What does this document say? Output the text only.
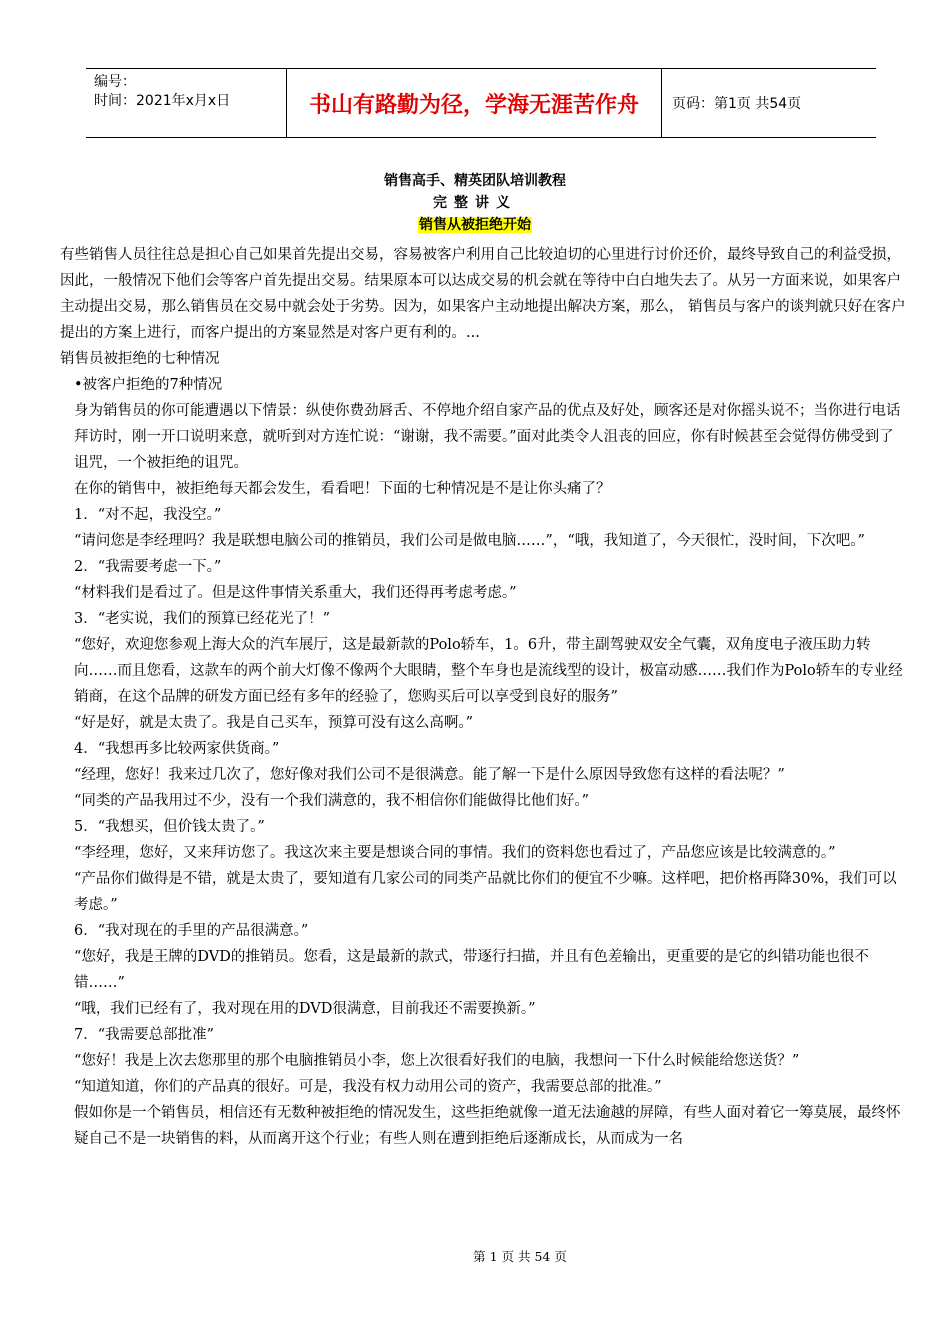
编号：
时间：2021年x月x日	书山有路勤为径，学海无涯苦作舟	页码：第1页 共54页
销售高手、精英团队培训教程
完整讲义
销售从被拒绝开始

有些销售人员往往总是担心自己如果首先提出交易，容易被客户利用自己比较迫切的心里进行讨价还价，最终导致自己的利益受损，因此，一般情况下他们会等客户首先提出交易。结果原本可以达成交易的机会就在等待中白白地失去了。从另一方面来说，如果客户主动提出交易，那么销售员在交易中就会处于劣势。因为，如果客户主动地提出解决方案，那么， 销售员与客户的谈判就只好在客户提出的方案上进行，而客户提出的方案显然是对客户更有利的。...

销售员被拒绝的七种情况

•被客户拒绝的7种情况

身为销售员的你可能遭遇以下情景：纵使你费劲唇舌、不停地介绍自家产品的优点及好处，顾客还是对你摇头说不；当你进行电话拜访时，刚一开口说明来意，就听到对方连忙说：“谢谢，我不需要。”面对此类令人沮丧的回应，你有时候甚至会觉得仿佛受到了诅咒，一个被拒绝的诅咒。

在你的销售中，被拒绝每天都会发生，看看吧！下面的七种情况是不是让你头痛了？

1．“对不起，我没空。”

“请问您是李经理吗？我是联想电脑公司的推销员，我们公司是做电脑……”，“哦，我知道了，今天很忙，没时间，下次吧。”

2．“我需要考虑一下。”

“材料我们是看过了。但是这件事情关系重大，我们还得再考虑考虑。”

3．“老实说，我们的预算已经花光了！”

“您好，欢迎您参观上海大众的汽车展厅，这是最新款的Polo轿车，1。6升，带主副驾驶双安全气囊，双角度电子液压助力转向……而且您看，这款车的两个前大灯像不像两个大眼睛，整个车身也是流线型的设计，极富动感……我们作为Polo轿车的专业经销商，在这个品牌的研发方面已经有多年的经验了，您购买后可以享受到良好的服务”

“好是好，就是太贵了。我是自己买车，预算可没有这么高啊。”

4．“我想再多比较两家供货商。”

“经理，您好！我来过几次了，您好像对我们公司不是很满意。能了解一下是什么原因导致您有这样的看法呢？”

“同类的产品我用过不少，没有一个我们满意的，我不相信你们能做得比他们好。”

5．“我想买，但价钱太贵了。”

“李经理，您好，又来拜访您了。我这次来主要是想谈合同的事情。我们的资料您也看过了，产品您应该是比较满意的。”

“产品你们做得是不错，就是太贵了，要知道有几家公司的同类产品就比你们的便宜不少嘛。这样吧，把价格再降30%，我们可以考虑。”

6．“我对现在的手里的产品很满意。”

“您好，我是王牌的DVD的推销员。您看，这是最新的款式，带逐行扫描，并且有色差输出，更重要的是它的纠错功能也很不错……”

“哦，我们已经有了，我对现在用的DVD很满意，目前我还不需要换新。”

7．“我需要总部批准”

“您好！我是上次去您那里的那个电脑推销员小李，您上次很看好我们的电脑，我想问一下什么时候能给您送货？”

“知道知道，你们的产品真的很好。可是，我没有权力动用公司的资产，我需要总部的批准。”

假如你是一个销售员，相信还有无数种被拒绝的情况发生，这些拒绝就像一道无法逾越的屏障，有些人面对着它一筹莫展，最终怀疑自己不是一块销售的料，从而离开这个行业；有些人则在遭到拒绝后逐渐成长，从而成为一名

第 1 页 共 54 页
